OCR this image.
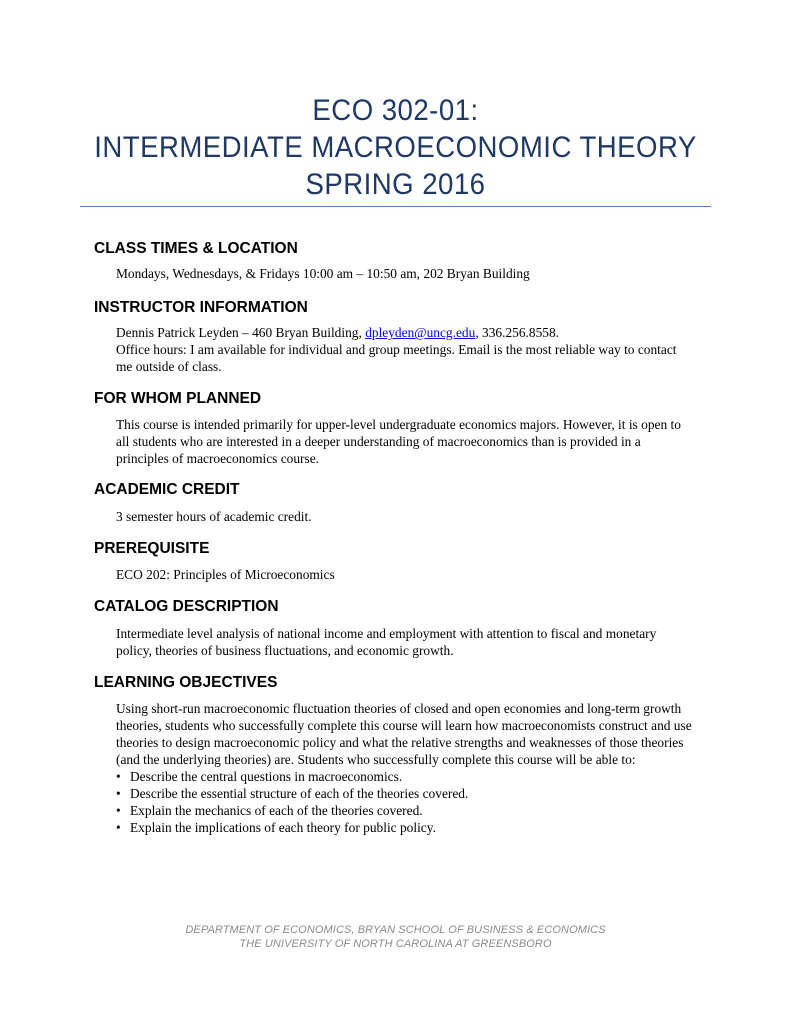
ECO 302-01:
INTERMEDIATE MACROECONOMIC THEORY
SPRING 2016
CLASS TIMES & LOCATION

Mondays, Wednesdays, & Fridays 10:00 am – 10:50 am, 202 Bryan Building

INSTRUCTOR INFORMATION

Dennis Patrick Leyden – 460 Bryan Building, dpleyden@uncg.edu, 336.256.8558.

Office hours: I am available for individual and group meetings. Email is the most reliable way to contact me outside of class.

FOR WHOM PLANNED

This course is intended primarily for upper-level undergraduate economics majors. However, it is open to all students who are interested in a deeper understanding of macroeconomics than is provided in a principles of macroeconomics course.

ACADEMIC CREDIT

3 semester hours of academic credit.

PREREQUISITE

ECO 202: Principles of Microeconomics

CATALOG DESCRIPTION

Intermediate level analysis of national income and employment with attention to fiscal and monetary policy, theories of business fluctuations, and economic growth.

LEARNING OBJECTIVES

Using short-run macroeconomic fluctuation theories of closed and open economies and long-term growth theories, students who successfully complete this course will learn how macroeconomists construct and use theories to design macroeconomic policy and what the relative strengths and weaknesses of those theories (and the underlying theories) are. Students who successfully complete this course will be able to:

• Describe the central questions in macroeconomics.
• Describe the essential structure of each of the theories covered.
• Explain the mechanics of each of the theories covered.
• Explain the implications of each theory for public policy.
DEPARTMENT OF ECONOMICS, BRYAN SCHOOL OF BUSINESS & ECONOMICS
THE UNIVERSITY OF NORTH CAROLINA AT GREENSBORO
